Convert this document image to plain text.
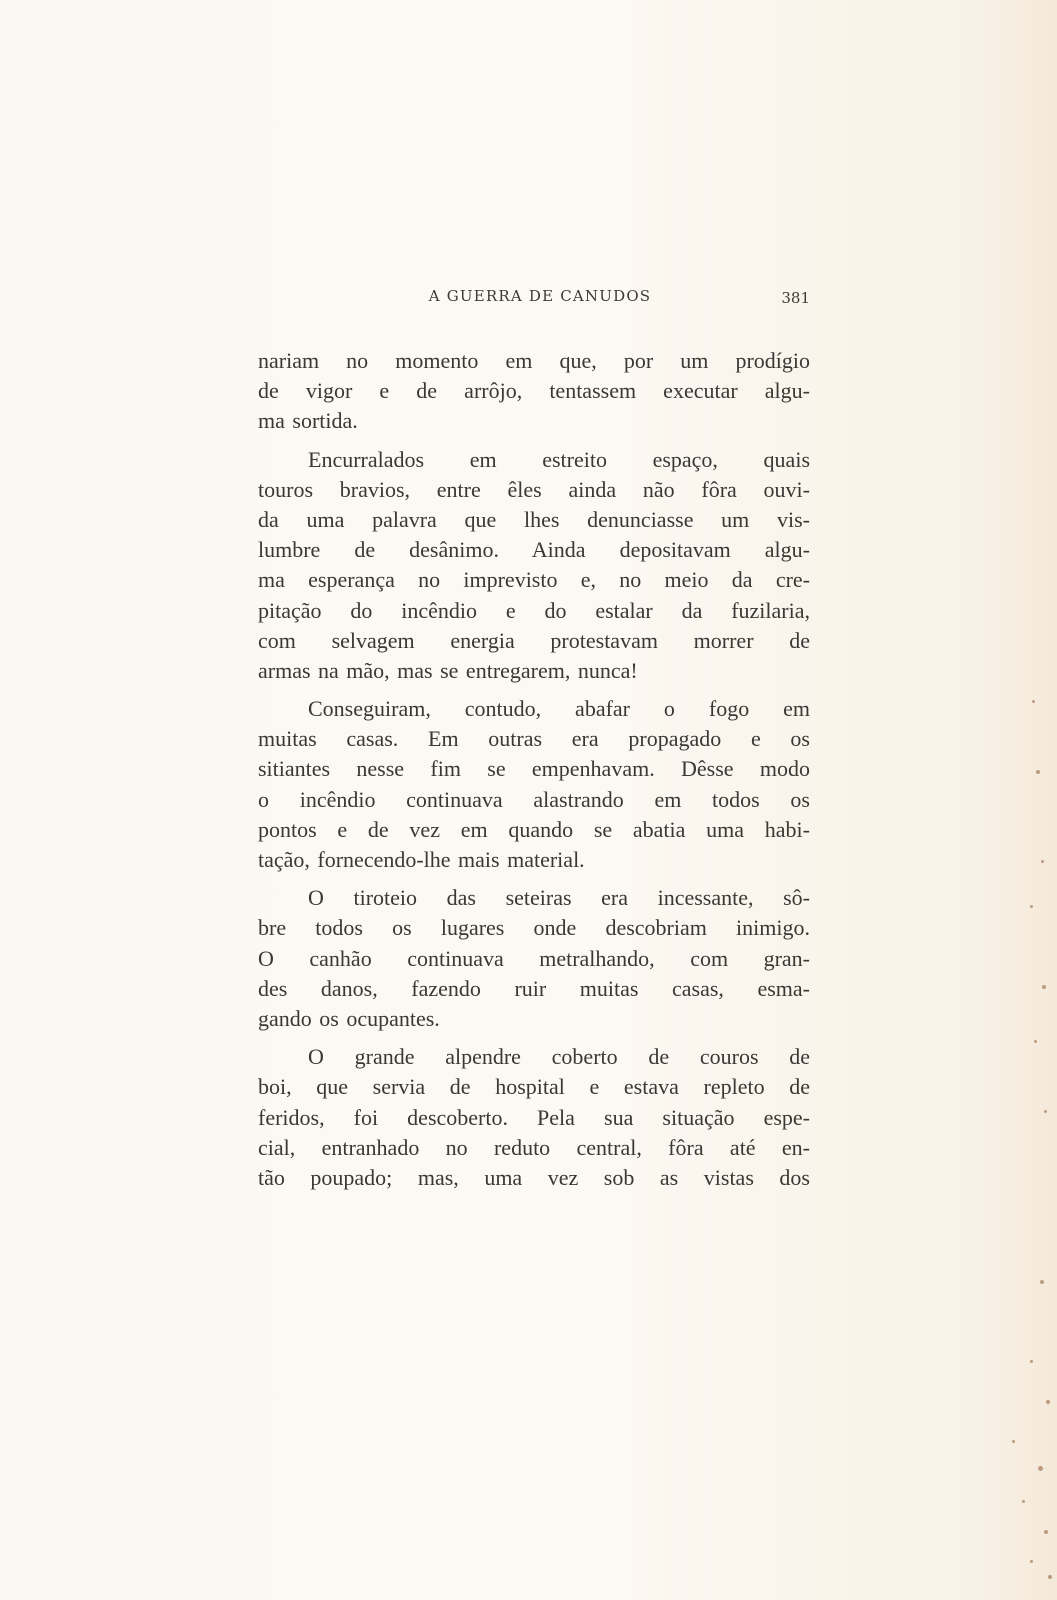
A GUERRA DE CANUDOS	381
nariam no momento em que, por um prodígio
de vigor e de arrôjo, tentassem executar algu-
ma sortida.
Encurralados em estreito espaço, quais
touros bravios, entre êles ainda não fôra ouvi-
da uma palavra que lhes denunciasse um vis-
lumbre de desânimo. Ainda depositavam algu-
ma esperança no imprevisto e, no meio da cre-
pitação do incêndio e do estalar da fuzilaria,
com selvagem energia protestavam morrer de
armas na mão, mas se entregarem, nunca!
Conseguiram, contudo, abafar o fogo em
muitas casas. Em outras era propagado e os
sitiantes nesse fim se empenhavam. Dêsse modo
o incêndio continuava alastrando em todos os
pontos e de vez em quando se abatia uma habi-
tação, fornecendo-lhe mais material.
O tiroteio das seteiras era incessante, sô-
bre todos os lugares onde descobriam inimigo.
O canhão continuava metralhando, com gran-
des danos, fazendo ruir muitas casas, esma-
gando os ocupantes.
O grande alpendre coberto de couros de
boi, que servia de hospital e estava repleto de
feridos, foi descoberto. Pela sua situação espe-
cial, entranhado no reduto central, fôra até en-
tão poupado; mas, uma vez sob as vistas dos
